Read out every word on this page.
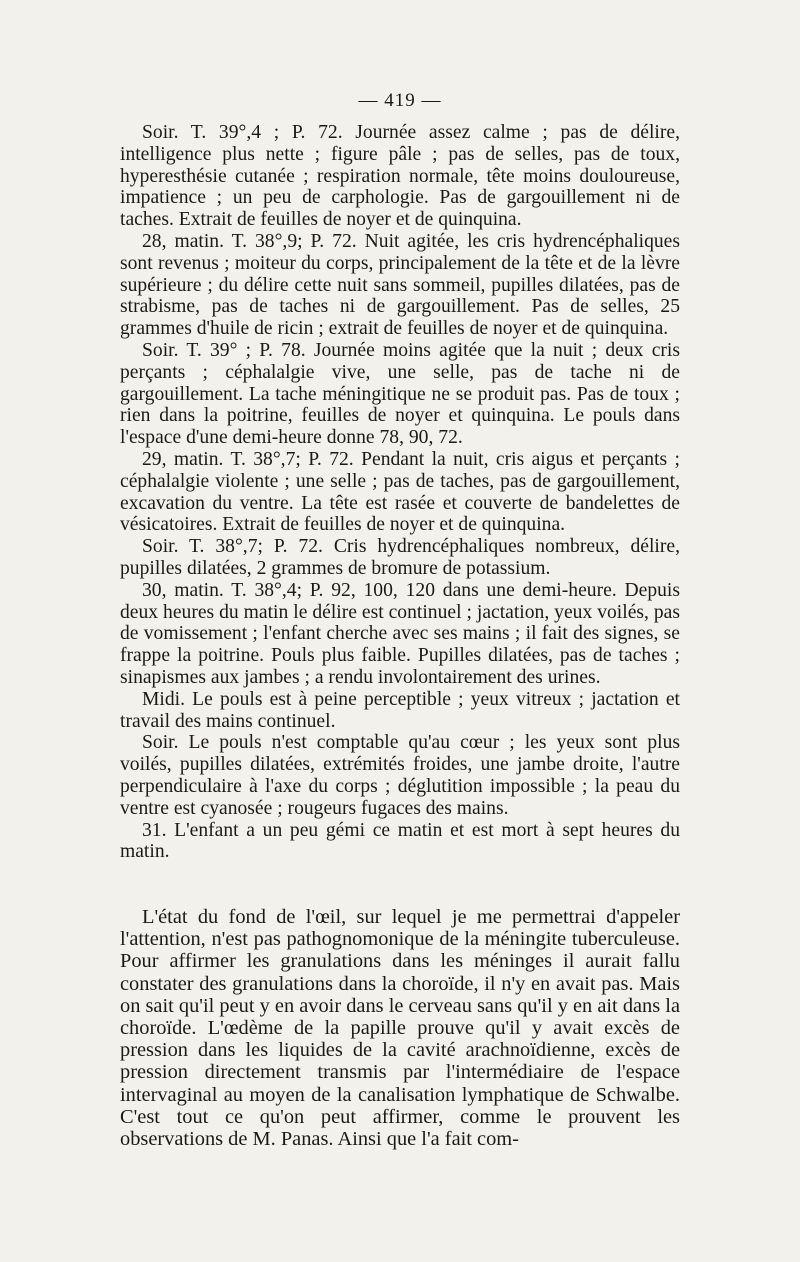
— 419 —

Soir. T. 39°,4 ; P. 72. Journée assez calme ; pas de délire, intelligence plus nette ; figure pâle ; pas de selles, pas de toux, hyperesthésie cutanée ; respiration normale, tête moins douloureuse, impatience ; un peu de carphologie. Pas de gargouillement ni de taches. Extrait de feuilles de noyer et de quinquina.

28, matin. T. 38°,9; P. 72. Nuit agitée, les cris hydrencéphaliques sont revenus ; moiteur du corps, principalement de la tête et de la lèvre supérieure ; du délire cette nuit sans sommeil, pupilles dilatées, pas de strabisme, pas de taches ni de gargouillement. Pas de selles, 25 grammes d'huile de ricin ; extrait de feuilles de noyer et de quinquina.

Soir. T. 39° ; P. 78. Journée moins agitée que la nuit ; deux cris perçants ; céphalalgie vive, une selle, pas de tache ni de gargouillement. La tache méningitique ne se produit pas. Pas de toux ; rien dans la poitrine, feuilles de noyer et quinquina. Le pouls dans l'espace d'une demi-heure donne 78, 90, 72.

29, matin. T. 38°,7; P. 72. Pendant la nuit, cris aigus et perçants ; céphalalgie violente ; une selle ; pas de taches, pas de gargouillement, excavation du ventre. La tête est rasée et couverte de bandelettes de vésicatoires. Extrait de feuilles de noyer et de quinquina.

Soir. T. 38°,7; P. 72. Cris hydrencéphaliques nombreux, délire, pupilles dilatées, 2 grammes de bromure de potassium.

30, matin. T. 38°,4; P. 92, 100, 120 dans une demi-heure. Depuis deux heures du matin le délire est continuel ; jactation, yeux voilés, pas de vomissement ; l'enfant cherche avec ses mains ; il fait des signes, se frappe la poitrine. Pouls plus faible. Pupilles dilatées, pas de taches ; sinapismes aux jambes ; a rendu involontairement des urines.

Midi. Le pouls est à peine perceptible ; yeux vitreux ; jactation et travail des mains continuel.

Soir. Le pouls n'est comptable qu'au cœur ; les yeux sont plus voilés, pupilles dilatées, extrémités froides, une jambe droite, l'autre perpendiculaire à l'axe du corps ; déglutition impossible ; la peau du ventre est cyanosée ; rougeurs fugaces des mains.

31. L'enfant a un peu gémi ce matin et est mort à sept heures du matin.

L'état du fond de l'œil, sur lequel je me permettrai d'appeler l'attention, n'est pas pathognomonique de la méningite tuberculeuse. Pour affirmer les granulations dans les méninges il aurait fallu constater des granulations dans la choroïde, il n'y en avait pas. Mais on sait qu'il peut y en avoir dans le cerveau sans qu'il y en ait dans la choroïde. L'œdème de la papille prouve qu'il y avait excès de pression dans les liquides de la cavité arachnoïdienne, excès de pression directement transmis par l'intermédiaire de l'espace intervaginal au moyen de la canalisation lymphatique de Schwalbe. C'est tout ce qu'on peut affirmer, comme le prouvent les observations de M. Panas. Ainsi que l'a fait com-
